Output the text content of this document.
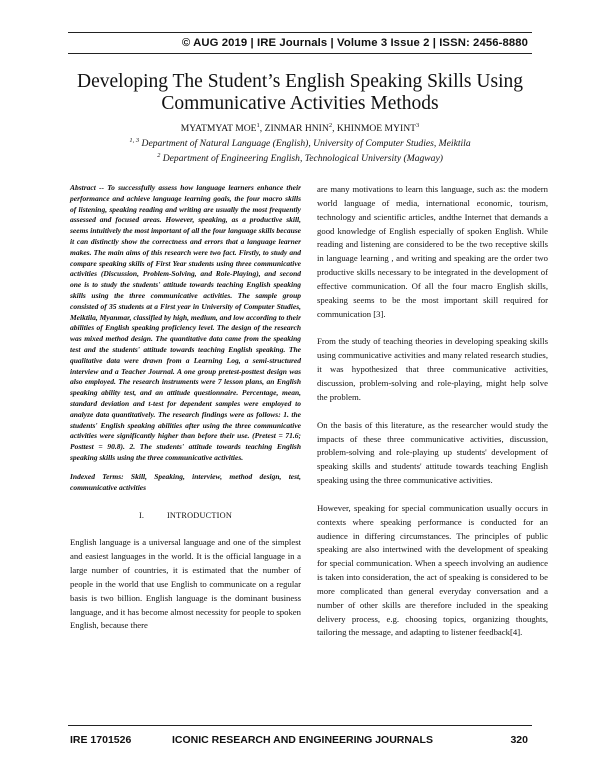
© AUG 2019 | IRE Journals | Volume 3 Issue 2 | ISSN: 2456-8880
Developing The Student’s English Speaking Skills Using
Communicative Activities Methods
MYATMYAT MOE$^1$, ZINMAR HNIN$^2$, KHINMOE MYINT$^3$
$^{1, 3}$ Department of Natural Language (English), University of Computer Studies, Meiktila
$^2$ Department of Engineering English, Technological University (Magway)

Abstract -- To successfully assess how language learners enhance their performance and achieve language learning goals, the four macro skills of listening, speaking reading and writing are usually the most frequently assessed and focused areas. However, speaking, as a productive skill, seems intuitively the most important of all the four language skills because it can distinctly show the correctness and errors that a language learner makes. The main aims of this research were two fact. Firstly, to study and compare speaking skills of First Year students using three communicative activities (Discussion, Problem-Solving, and Role-Playing), and second one is to study the students' attitude towards teaching English speaking skills using the three communicative activities. The sample group consisted of 35 students at a First year in University of Computer Studies, Meiktila, Myanmar, classified by high, medium, and low according to their abilities of English speaking proficiency level. The design of the research was mixed method design. The quantitative data came from the speaking test and the students' attitude towards teaching English speaking. The qualitative data were drawn from a Learning Log, a semi-structured interview and a Teacher Journal. A one group pretest-posttest design was also employed. The research instruments were 7 lesson plans, an English speaking ability test, and an attitude questionnaire. Percentage, mean, standard deviation and t-test for dependent samples were employed to analyze data quantitatively. The research findings were as follows: 1. the students' English speaking abilities after using the three communicative activities were significantly higher than before their use. (Pretest = 71.6; Posttest = 90.8). 2. The students' attitude towards teaching English speaking skills using the three communicative activities.

Indexed Terms: Skill, Speaking, interview, method design, test, communicative activities

I.          INTRODUCTION

English language is a universal language and one of the simplest and easiest languages in the world. It is the official language in a large number of countries, it is estimated that the number of people in the world that use English to communicate on a regular basis is two billion. English language is the dominant business language, and it has become almost necessity for people to spoken English, because there

are many motivations to learn this language, such as: the modern world language of media, international economic, tourism, technology and scientific articles, andthe Internet that demands a good knowledge of English especially of spoken English. While reading and listening are considered to be the two receptive skills in language learning , and writing and speaking are the order two productive skills necessary to be integrated in the development of effective communication. Of all the four macro English skills, speaking seems to be the most important skill required for communication [3].

From the study of teaching theories in developing speaking skills using communicative activities and many related research studies, it was hypothesized that three communicative activities, discussion, problem-solving and role-playing, might help solve the problem.

On the basis of this literature, as the researcher would study the impacts of these three communicative activities, discussion, problem-solving and role-playing up students' development of speaking skills and students' attitude towards teaching English speaking using the three communicative activities.

However, speaking for special communication usually occurs in contexts where speaking performance is conducted for an audience in differing circumstances. The principles of public speaking are also intertwined with the development of speaking for special communication. When a speech involving an audience is taken into consideration, the act of speaking is considered to be more complicated than general everyday conversation and a number of other skills are therefore included in the speaking delivery process, e.g. choosing topics, organizing thoughts, tailoring the message, and adapting to listener feedback[4].

IRE 1701526	ICONIC RESEARCH AND ENGINEERING JOURNALS	320
